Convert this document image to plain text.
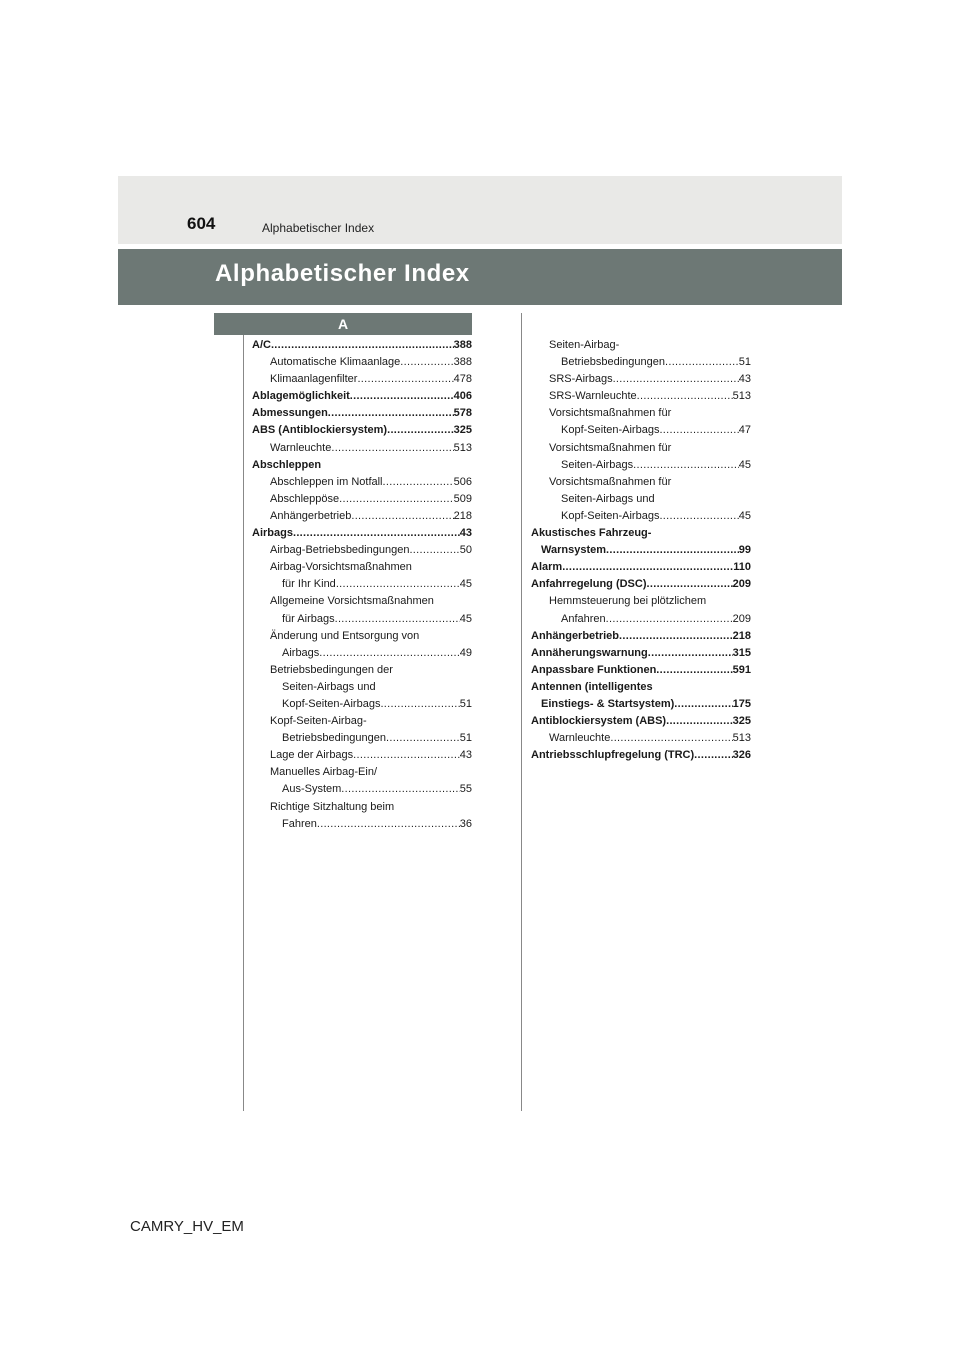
604	Alphabetischer Index
Alphabetischer Index
A
A/C .....	388
Automatische Klimaanlage .....	388
Klimaanlagenfilter .....	478
Ablagemöglichkeit .....	406
Abmessungen .....	578
ABS (Antiblockiersystem) .....	325
Warnleuchte .....	513
Abschleppen
Abschleppen im Notfall .....	506
Abschleppöse .....	509
Anhängerbetrieb .....	218
Airbags .....	43
Airbag-Betriebsbedingungen .....	50
Airbag-Vorsichtsmaßnahmen
für Ihr Kind .....	45
Allgemeine Vorsichtsmaßnahmen
für Airbags .....	45
Änderung und Entsorgung von
Airbags .....	49
Betriebsbedingungen der
Seiten-Airbags und
Kopf-Seiten-Airbags .....	51
Kopf-Seiten-Airbag-
Betriebsbedingungen .....	51
Lage der Airbags .....	43
Manuelles Airbag-Ein/
Aus-System .....	55
Richtige Sitzhaltung beim
Fahren .....	36
Seiten-Airbag-
Betriebsbedingungen .....	51
SRS-Airbags .....	43
SRS-Warnleuchte .....	513
Vorsichtsmaßnahmen für
Kopf-Seiten-Airbags .....	47
Vorsichtsmaßnahmen für
Seiten-Airbags .....	45
Vorsichtsmaßnahmen für
Seiten-Airbags und
Kopf-Seiten-Airbags .....	45
Akustisches Fahrzeug-
Warnsystem .....	99
Alarm .....	110
Anfahrregelung (DSC) .....	209
Hemmsteuerung bei plötzlichem
Anfahren .....	209
Anhängerbetrieb .....	218
Annäherungswarnung .....	315
Anpassbare Funktionen .....	591
Antennen (intelligentes
Einstiegs- & Startsystem) .....	175
Antiblockiersystem (ABS) .....	325
Warnleuchte .....	513
Antriebsschlupfregelung (TRC) .....	326
CAMRY_HV_EM
